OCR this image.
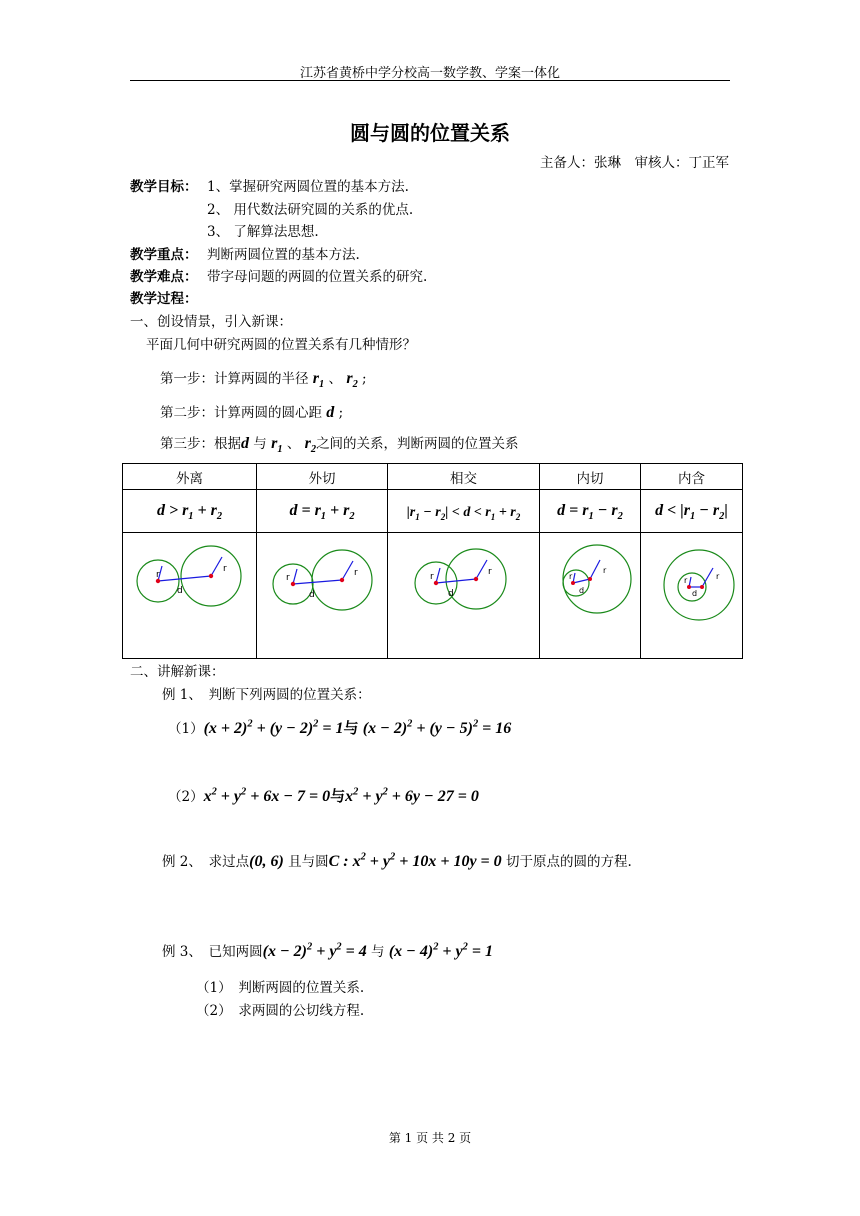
江苏省黄桥中学分校高一数学教、学案一体化
圆与圆的位置关系
主备人：张琳　审核人：丁正军
教学目标： 1、掌握研究两圆位置的基本方法.
2、 用代数法研究圆的关系的优点.
3、 了解算法思想.
教学重点： 判断两圆位置的基本方法.
教学难点： 带字母问题的两圆的位置关系的研究.
教学过程：
一、创设情景，引入新课：
平面几何中研究两圆的位置关系有几种情形？
第一步：计算两圆的半径 $r_1$ 、 $r_2$ ;
第二步：计算两圆的圆心距 d ;
第三步：根据d 与 $r_1$ 、 $r_2$之间的关系，判断两圆的位置关系
外离	外切	相交	内切	内含
$d > r_1 + r_2$	$d = r_1 + r_2$	$|r_1 - r_2| < d < r_1 + r_2$	$d = r_1 - r_2$	$d < |r_1 - r_2|$

r
r
d	r r
d	r r
d	r
r
d	r r
d
二、讲解新课：
例 1、　判断下列两圆的位置关系：
$(1)(x + 2)^2 + (y - 2)^2 = 1$与 $(x - 2)^2 + (y - 5)^2 = 16$
$(2)x^2 + y^2 + 6x - 7 = 0$与$x^2 + y^2 + 6y - 27 = 0$
例 2、　求过点(0, 6) 且与圆C : $x^2 + y^2 + 10x + 10y = 0$ 切于原点的圆的方程.
例 3、　已知两圆$(x - 2)^2 + y^2 = 4$ 与 $(x - 4)^2 + y^2 = 1$
（1）　 判断两圆的位置关系.
（2）　 求两圆的公切线方程.
第 1 页 共 2 页
